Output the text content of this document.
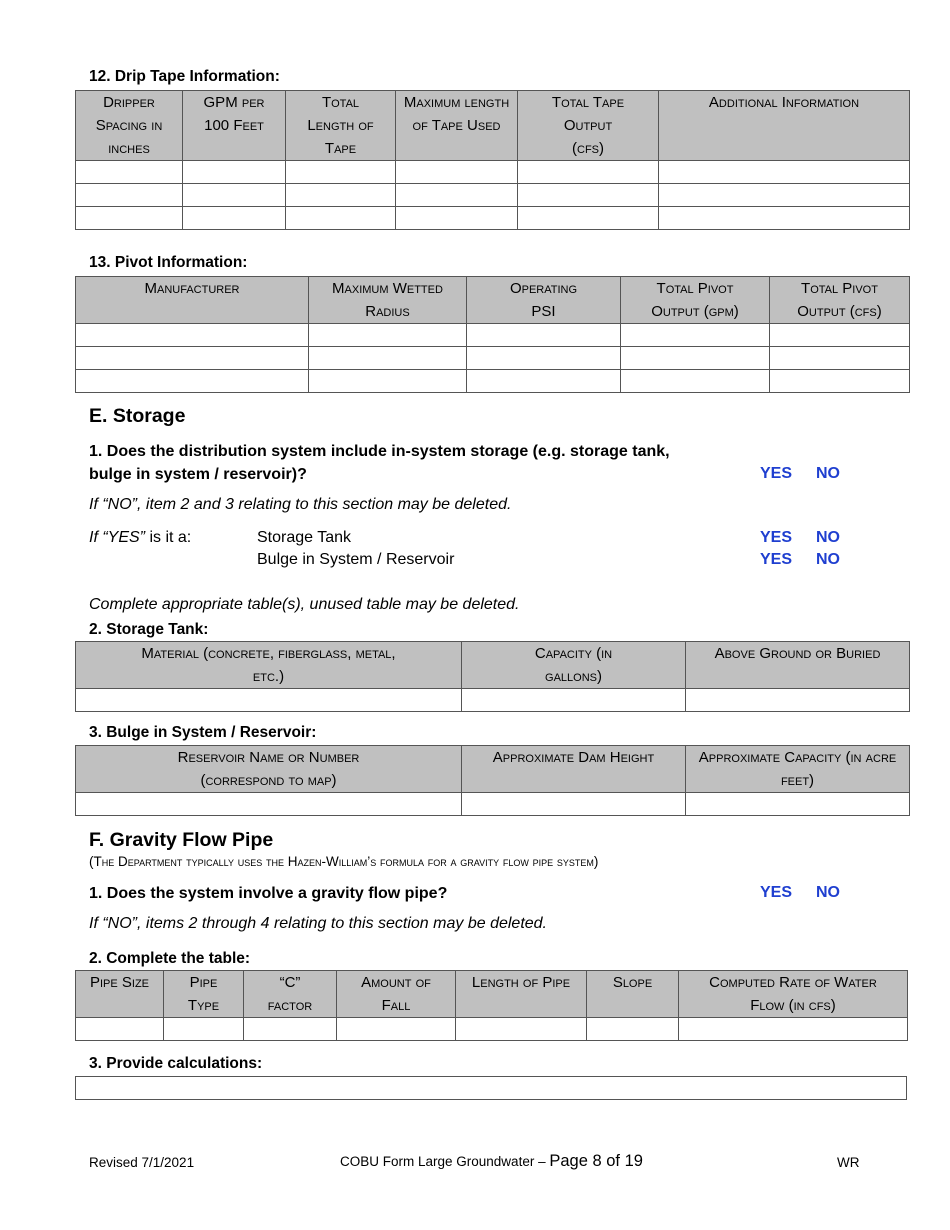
12. Drip Tape Information:
Dripper Spacing in inches	GPM per 100 Feet	Total Length of Tape	Maximum length of Tape Used	Total Tape Output (cfs)	Additional Information

13. Pivot Information:
Manufacturer	Maximum Wetted Radius	Operating PSI	Total Pivot Output (gpm)	Total Pivot Output (cfs)

E. Storage
1. Does the distribution system include in-system storage (e.g. storage tank, bulge in system / reservoir)?	YES NO
If “NO”, item 2 and 3 relating to this section may be deleted.
If “YES” is it a:	Storage Tank	YES NO
Bulge in System / Reservoir	YES NO
Complete appropriate table(s), unused table may be deleted.
2. Storage Tank:
Material (concrete, fiberglass, metal, etc.)	Capacity (in gallons)	Above Ground or Buried

3. Bulge in System / Reservoir:
Reservoir Name or Number (correspond to map)	Approximate Dam Height	Approximate Capacity (in acre feet)

F. Gravity Flow Pipe
(The Department typically uses the Hazen-William’s formula for a gravity flow pipe system)
1. Does the system involve a gravity flow pipe?	YES NO
If “NO”, items 2 through 4 relating to this section may be deleted.
2. Complete the table:
Pipe Size	Pipe Type	“C” factor	Amount of Fall	Length of Pipe	Slope	Computed Rate of Water Flow (in cfs)

3. Provide calculations:
Revised 7/1/2021	COBU Form Large Groundwater – Page 8 of 19	WR
